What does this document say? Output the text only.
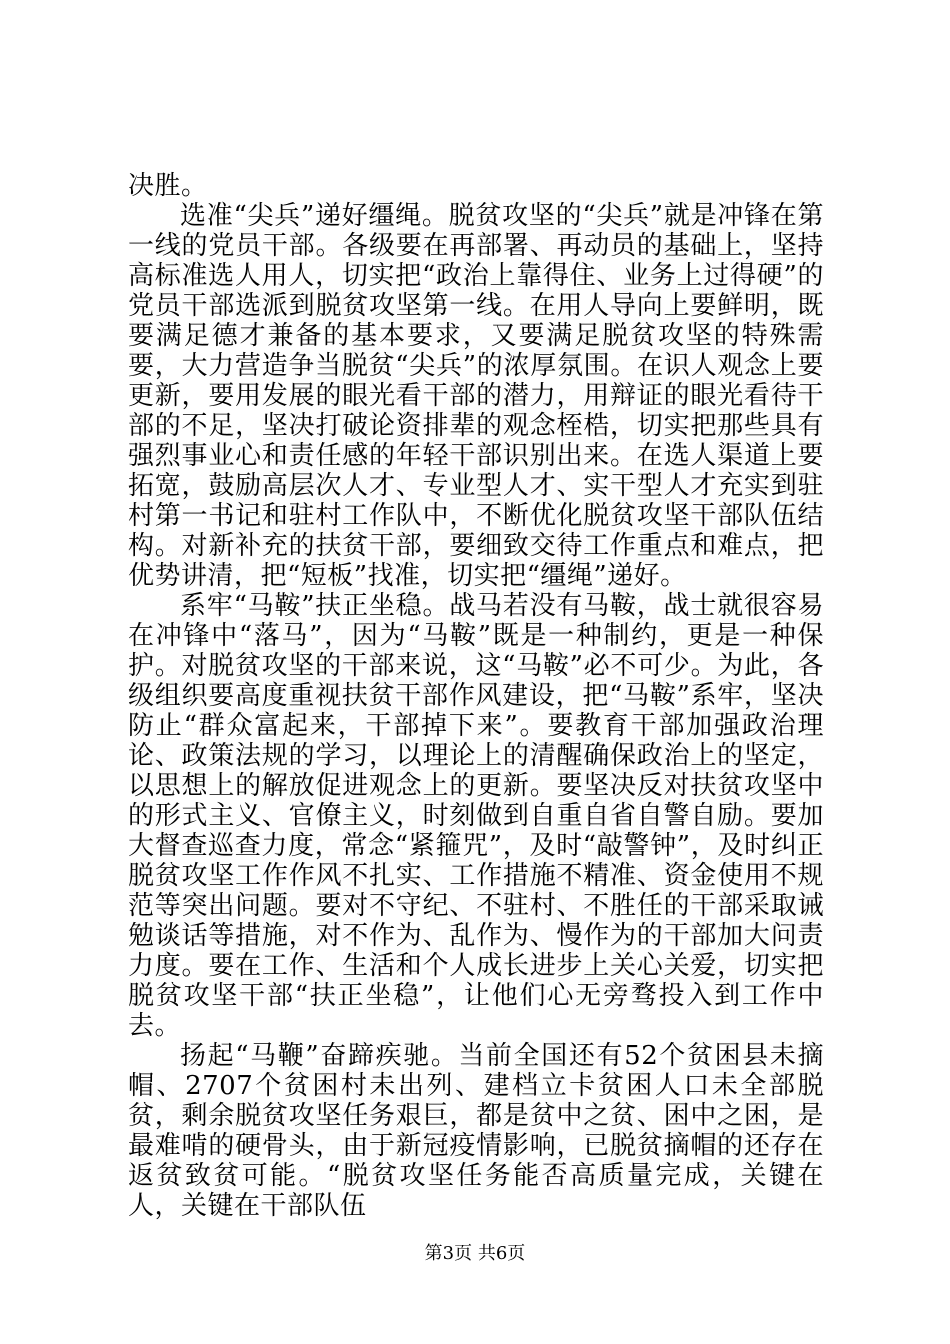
决胜。

选准“尖兵”递好缰绳。脱贫攻坚的“尖兵”就是冲锋在第一线的党员干部。各级要在再部署、再动员的基础上，坚持高标准选人用人，切实把“政治上靠得住、业务上过得硬”的党员干部选派到脱贫攻坚第一线。在用人导向上要鲜明，既要满足德才兼备的基本要求，又要满足脱贫攻坚的特殊需要，大力营造争当脱贫“尖兵”的浓厚氛围。在识人观念上要更新，要用发展的眼光看干部的潜力，用辩证的眼光看待干部的不足，坚决打破论资排辈的观念桎梏，切实把那些具有强烈事业心和责任感的年轻干部识别出来。在选人渠道上要拓宽，鼓励高层次人才、专业型人才、实干型人才充实到驻村第一书记和驻村工作队中，不断优化脱贫攻坚干部队伍结构。对新补充的扶贫干部，要细致交待工作重点和难点，把优势讲清，把“短板”找准，切实把“缰绳”递好。

系牢“马鞍”扶正坐稳。战马若没有马鞍，战士就很容易在冲锋中“落马”，因为“马鞍”既是一种制约，更是一种保护。对脱贫攻坚的干部来说，这“马鞍”必不可少。为此，各级组织要高度重视扶贫干部作风建设，把“马鞍”系牢，坚决防止“群众富起来，干部掉下来”。要教育干部加强政治理论、政策法规的学习，以理论上的清醒确保政治上的坚定，以思想上的解放促进观念上的更新。要坚决反对扶贫攻坚中的形式主义、官僚主义，时刻做到自重自省自警自励。要加大督查巡查力度，常念“紧箍咒”，及时“敲警钟”，及时纠正脱贫攻坚工作作风不扎实、工作措施不精准、资金使用不规范等突出问题。要对不守纪、不驻村、不胜任的干部采取诫勉谈话等措施，对不作为、乱作为、慢作为的干部加大问责力度。要在工作、生活和个人成长进步上关心关爱，切实把脱贫攻坚干部“扶正坐稳”，让他们心无旁骛投入到工作中去。

扬起“马鞭”奋蹄疾驰。当前全国还有52个贫困县未摘帽、2707个贫困村未出列、建档立卡贫困人口未全部脱贫，剩余脱贫攻坚任务艰巨，都是贫中之贫、困中之困，是最难啃的硬骨头，由于新冠疫情影响，已脱贫摘帽的还存在返贫致贫可能。“脱贫攻坚任务能否高质量完成，关键在人，关键在干部队伍

第3页 共6页
